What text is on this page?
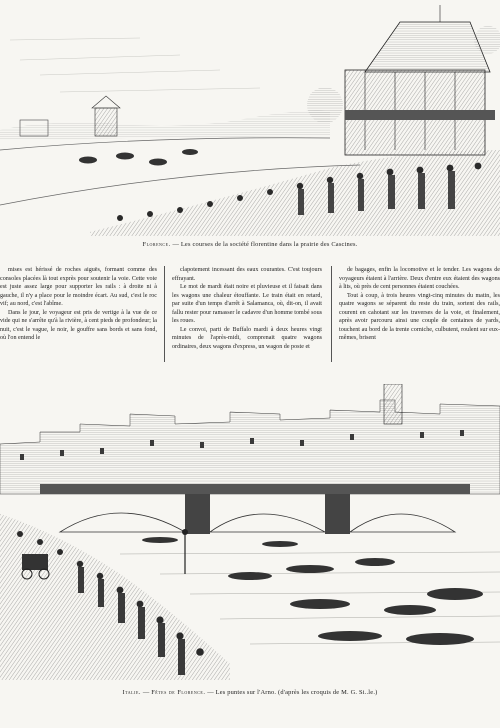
Florence. — Les courses de la société florentine dans la prairie des Cascines.

mises est hérissé de roches aiguës, formant comme des consoles placées là tout exprès pour soutenir la voie. Cette voie est juste assez large pour supporter les rails : à droite ni à gauche, il n'y a place pour le moindre écart. Au sud, c'est le roc vif; au nord, c'est l'abîme.

Dans le jour, le voyageur est pris de vertige à la vue de ce vide qui ne s'arrête qu'à la rivière, à cent pieds de profondeur; la nuit, c'est le vague, le noir, le gouffre sans bords et sans fond, où l'on entend le

clapotement incessant des eaux courantes. C'est toujours effrayant.

Le mot de mardi était noire et pluvieuse et il faisait dans les wagons une chaleur étouffante. Le train était en retard, par suite d'un temps d'arrêt à Salamanca, où, dit-on, il avait fallu rester pour ramasser le cadavre d'un homme tombé sous les roues.

Le convoi, parti de Buffalo mardi à deux heures vingt minutes de l'après-midi, comprenait quatre wagons ordinaires, deux wagons d'express, un wagon de poste et

de bagages, enfin la locomotive et le tender. Les wagons de voyageurs étaient à l'arrière. Deux d'entre eux étaient des wagons à lits, où près de cent personnes étaient couchées.

Tout à coup, à trois heures vingt-cinq minutes du matin, les quatre wagons se séparent du reste du train, sortent des rails, courent en cahotant sur les traverses de la voie, et finalement, après avoir parcouru ainsi une couple de centaines de yards, touchent au bord de la trente corniche, culbutent, roulent sur eux-mêmes, brisent

Italie. — Fêtes de Florence. — Les puntes sur l'Arno. (d'après les croquis de M. G. Si..le.)
